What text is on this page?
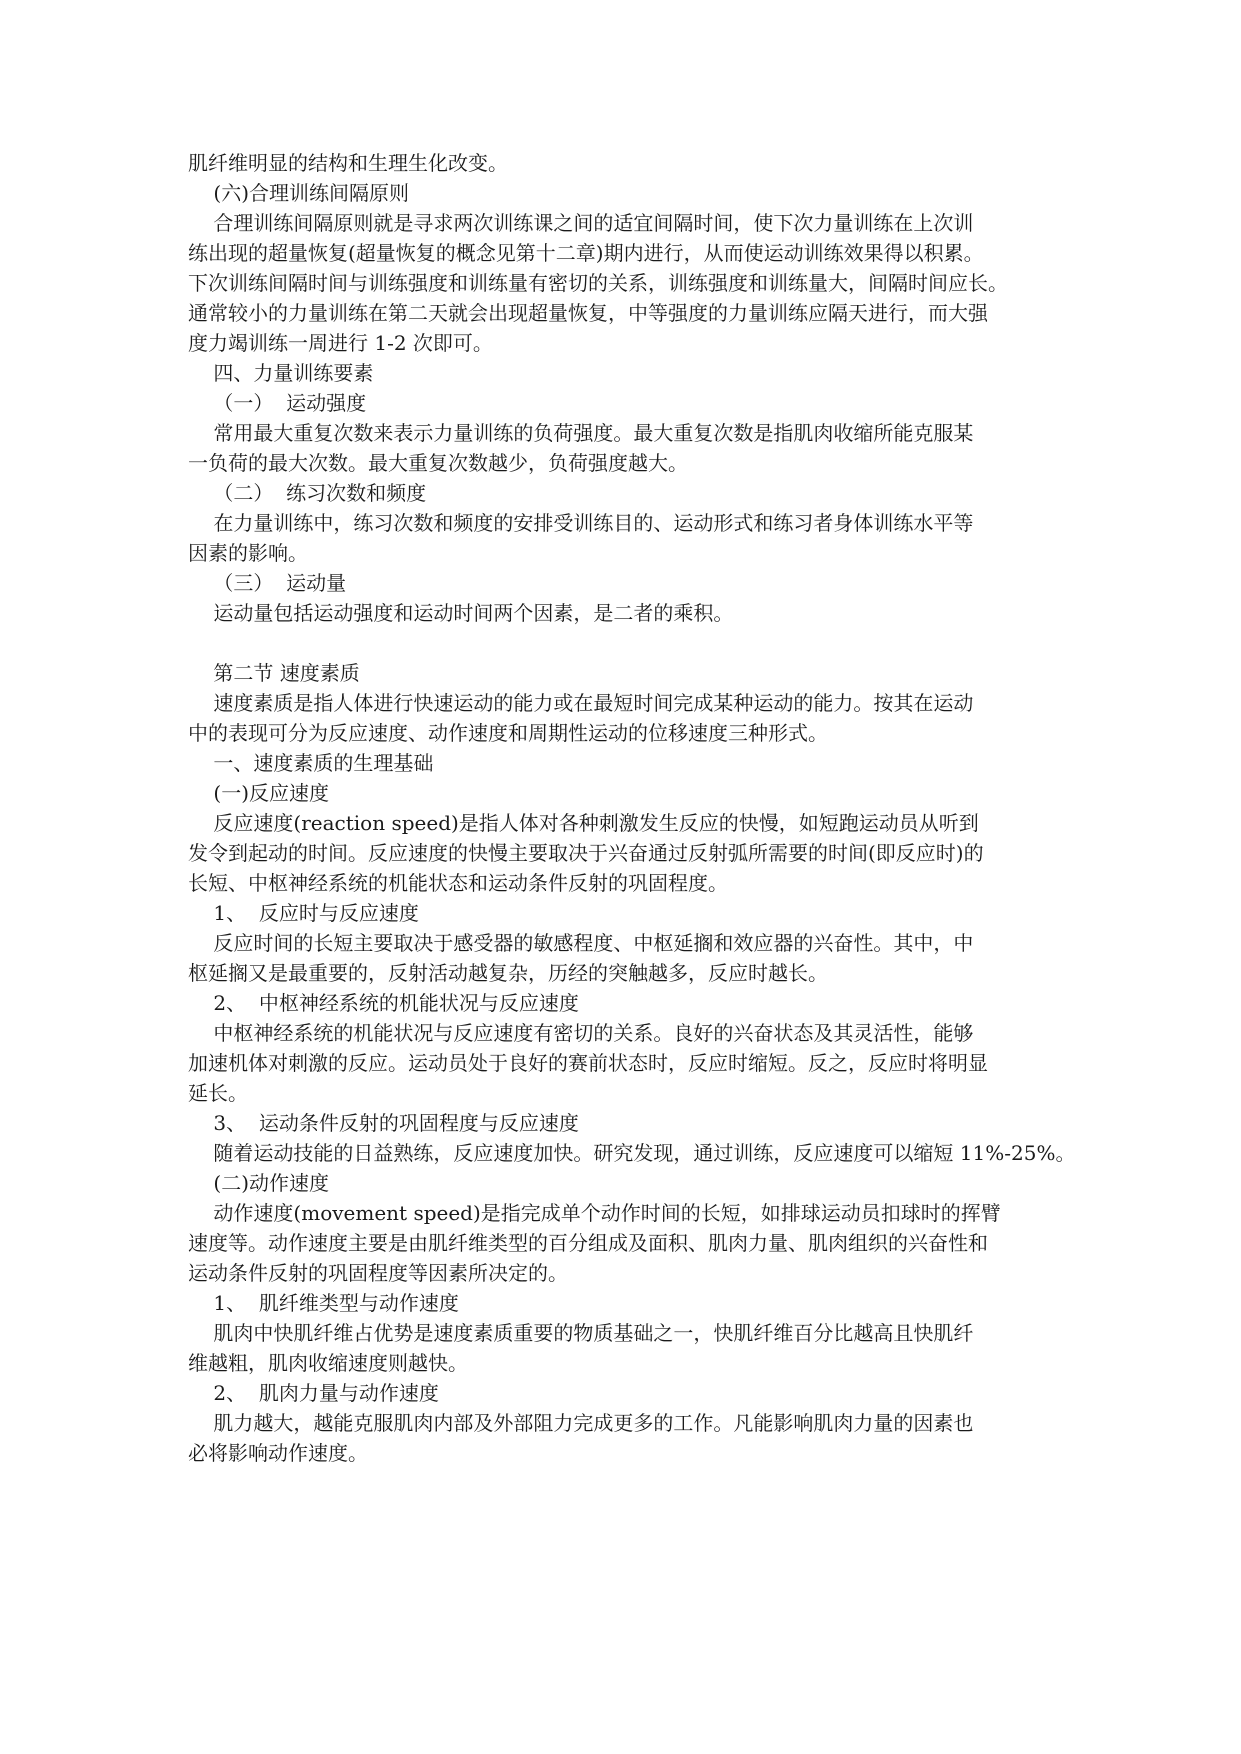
肌纤维明显的结构和生理生化改变。
(六)合理训练间隔原则
合理训练间隔原则就是寻求两次训练课之间的适宜间隔时间，使下次力量训练在上次训
练出现的超量恢复(超量恢复的概念见第十二章)期内进行，从而使运动训练效果得以积累。
下次训练间隔时间与训练强度和训练量有密切的关系，训练强度和训练量大，间隔时间应长。
通常较小的力量训练在第二天就会出现超量恢复，中等强度的力量训练应隔天进行，而大强
度力竭训练一周进行 1-2 次即可。
四、力量训练要素
（一）  运动强度
常用最大重复次数来表示力量训练的负荷强度。最大重复次数是指肌肉收缩所能克服某
一负荷的最大次数。最大重复次数越少，负荷强度越大。
（二）  练习次数和频度
在力量训练中，练习次数和频度的安排受训练目的、运动形式和练习者身体训练水平等
因素的影响。
（三）  运动量
运动量包括运动强度和运动时间两个因素，是二者的乘积。
第二节 速度素质
速度素质是指人体进行快速运动的能力或在最短时间完成某种运动的能力。按其在运动
中的表现可分为反应速度、动作速度和周期性运动的位移速度三种形式。
一、速度素质的生理基础
(一)反应速度
反应速度(reaction speed)是指人体对各种刺激发生反应的快慢，如短跑运动员从听到
发令到起动的时间。反应速度的快慢主要取决于兴奋通过反射弧所需要的时间(即反应时)的
长短、中枢神经系统的机能状态和运动条件反射的巩固程度。
1、  反应时与反应速度
反应时间的长短主要取决于感受器的敏感程度、中枢延搁和效应器的兴奋性。其中，中
枢延搁又是最重要的，反射活动越复杂，历经的突触越多，反应时越长。
2、  中枢神经系统的机能状况与反应速度
中枢神经系统的机能状况与反应速度有密切的关系。良好的兴奋状态及其灵活性，能够
加速机体对刺激的反应。运动员处于良好的赛前状态时，反应时缩短。反之，反应时将明显
延长。
3、  运动条件反射的巩固程度与反应速度
随着运动技能的日益熟练，反应速度加快。研究发现，通过训练，反应速度可以缩短 11%-25%。
(二)动作速度
动作速度(movement speed)是指完成单个动作时间的长短，如排球运动员扣球时的挥臂
速度等。动作速度主要是由肌纤维类型的百分组成及面积、肌肉力量、肌肉组织的兴奋性和
运动条件反射的巩固程度等因素所决定的。
1、  肌纤维类型与动作速度
肌肉中快肌纤维占优势是速度素质重要的物质基础之一，快肌纤维百分比越高且快肌纤
维越粗，肌肉收缩速度则越快。
2、  肌肉力量与动作速度
肌力越大，越能克服肌肉内部及外部阻力完成更多的工作。凡能影响肌肉力量的因素也
必将影响动作速度。
